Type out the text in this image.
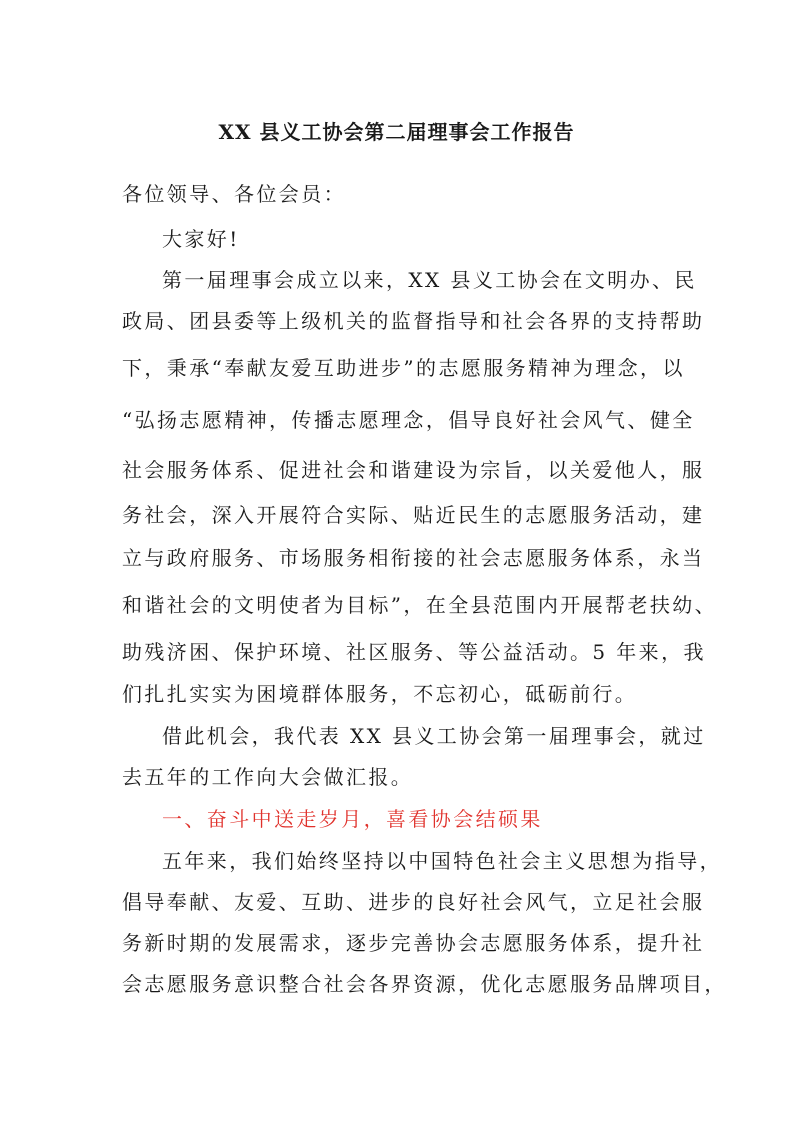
XX 县义工协会第二届理事会工作报告
各位领导、各位会员：
大家好!
第一届理事会成立以来，XX 县义工协会在文明办、民
政局、团县委等上级机关的监督指导和社会各界的支持帮助
下，秉承“奉献友爱互助进步”的志愿服务精神为理念，以
“弘扬志愿精神，传播志愿理念，倡导良好社会风气、健全
社会服务体系、促进社会和谐建设为宗旨，以关爱他人，服
务社会，深入开展符合实际、贴近民生的志愿服务活动，建
立与政府服务、市场服务相衔接的社会志愿服务体系，永当
和谐社会的文明使者为目标”，在全县范围内开展帮老扶幼、
助残济困、保护环境、社区服务、等公益活动。5 年来，我
们扎扎实实为困境群体服务，不忘初心，砥砺前行。
借此机会，我代表 XX 县义工协会第一届理事会，就过
去五年的工作向大会做汇报。
一、奋斗中送走岁月，喜看协会结硕果
五年来，我们始终坚持以中国特色社会主义思想为指导，
倡导奉献、友爱、互助、进步的良好社会风气，立足社会服
务新时期的发展需求，逐步完善协会志愿服务体系，提升社
会志愿服务意识整合社会各界资源，优化志愿服务品牌项目，
